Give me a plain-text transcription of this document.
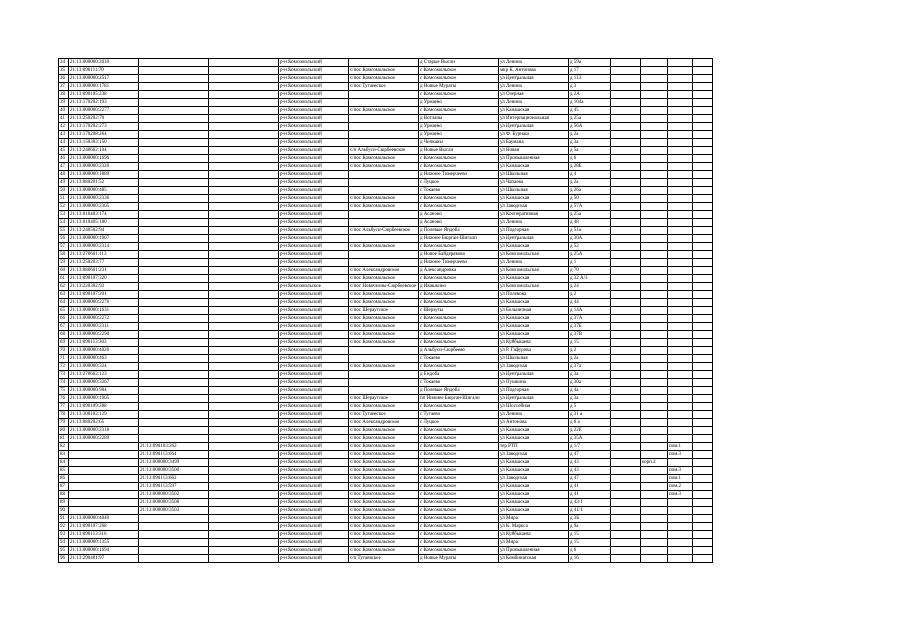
34	21:13:000000:2010			р-н Комсомольский		д Старые Высли	ул Ленина	д 59а				
35	21:13:090111:70			р-н Комсомольский	с/пос Комсомольское	с Комсомольское	мкр К. Антонова	д 17				
36	21:13:000000:2517			р-н Комсомольский	с/пос Комсомольское	с Комсомольское	ул Центральная	д 113				
37	21:13:000000:1781			р-н Комсомольский	с/пос Тугаевское	д Новые Мураты	ул Ленина	д 3				
38	21:13:090105:238			р-н Комсомольский		с Комсомольское	ул Озерная	д 2А				
39	21:13:170202:193			р-н Комсомольский		д Урмаево	ул Ленина	д 104а				
40	21:13:000000:2277			р-н Комсомольский	с/пос Комсомольское	с Комсомольское	ул Канашская	д 45				
41	21:13:250202:70			р-н Комсомольский		д Вотланы	ул Интернациональная	д 25а				
42	21:13:170202:273			р-н Комсомольский		д Урмаево	ул Центральная	д 56А				
43	21:13:170208:264			р-н Комсомольский		д Урмаево	ул Ф. Бурнаш	д 2а				
44	21:13:150303:150			р-н Комсомольский		д Чичкаиы	ул Баумана	д 3а				
45	21:13:240602:104			р-н Комсомольский	с/п Альбуси-Сюрбеевское	д Новые Высли	ул Новая	д 5а				
46	21:13:000000:1696			р-н Комсомольский	с/пос Комсомольское	с Комсомольское	ул Промышленная	д 6				
47	21:13:000000:2320			р-н Комсомольский	с/пос Комсомольское	с Комсомольское	ул Канашская	д 28Б				
48	21:13:000000:1889			р-н Комсомольский		д Нижнее Тимерчеево	ул Школьная	д 4				
49	21:13:080201:52			р-н Комсомольский		с Луцкое	ул Чапаева	д 2а				
50	21:13:000000:485			р-н Комсомольский		с Токаево	ул Школьная	д 26а				
51	21:13:000000:2336			р-н Комсомольский	с/пос Комсомольское	с Комсомольское	ул Канашская	д 50				
52	21:13:000000:2305			р-н Комсомольский	с/пос Комсомольское	с Комсомольское	ул Заводская	д 57А				
53	21:13:010403:174			р-н Комсомольский		д Асаново	ул Кооперативная	д 25а				
54	21:13:010405:180			р-н Комсомольский		д Асаново	ул Ленина	д 48				
55	21:13:240502:94			р-н Комсомольский	с/пос Альбуси-Сюрбеевское	д Полевые Яндоба	ул Подгорная	д 51а				
56	21:13:000000:1907			р-н Комсомольский		д Нижнее Бюрган-Шигали	ул Центральная	д 30А				
57	21:13:000000:2314			р-н Комсомольский	с/пос Комсомольское	с Комсомольское	ул Канашская	д 52				
58	21:13:270601:113			р-н Комсомольский		д Новое Байдеряково	ул Комсомольская	д 25А				
59	21:13:250203:77			р-н Комсомольский		д Нижнее Тимерчеево	ул Ленина	д 1				
60	21:13:080601:231			р-н Комсомольский	с/пос Александровское	д Александровка	ул Комсомольская	д 70				
61	21:13:090107:320			р-н Комсомольский	с/пос Комсомольское	с Комсомольское	ул Канашская	д 32 А/3				
62	21:13:220302:93			р-н Комсомольское	с/пос Новочелны-Сюрбеевское	д Ивашкино	ул Комсомольская	д 24				
63	21:13:090107:201			р-н Комсомольский	с/пос Комсомольское	с Комсомольское	ул Полевова	д 2				
64	21:13:000000:2276			р-н Комсомольский	с/пос Комсомольское	с Комсомольское	ул Канашская	д 44				
65	21:13:000000:1631			р-н Комсомольский	с/пос Шераутское	с Шерауты	ул Больничная	д 14А				
66	21:13:000000:2272			р-н Комсомольский	с/пос Комсомольское	с Комсомольское	ул Канашская	д 37А				
67	21:13:000000:2311			р-н Комсомольский	с/пос Комсомольское	с Комсомольское	ул Канашская	д 37Б				
68	21:13:000000:2290			р-н Комсомольский	с/пос Комсомольское	с Комсомольское	ул Канашская	д 37В				
69	21:13:090113:303			р-н Комсомольский	с/пос Комсомольское	с Комсомольское	ул Куйбышева	д 15				
70	21:13:000000:4026			р-н Комсомольский		д Альбуси-Сюрбеево	ул Р. Гафурова	д 2				
71	21:13:000000:463			р-н Комсомольский		с Токаево	ул Школьная	д 2а				
72	21:13:000000:324			р-н Комсомольский	с/пос Комсомольское	с Комсомольское	ул Заводская	д 37а				
73	21:13:270602:123			р-н Комсомольский		д Ендоба	ул Центральная	д 3а				
74	21:13:000000:3267			р-н Комсомольский		с Токаево	ул Пушкина	д 30а				
75	21:13:000000:984			р-н Комсомольский		д Полевые Яндоба	ул Подгорная	д 4а				
76	21:13:000000:1905			р-н Комсомольский	с/пос Шераутское	пп Нижнее Бюрган-Шигали	ул Центральная	д 3а				
77	21:13:090109:288			р-н Комсомольский	с/пос Комсомольское	с Комсомольское	ул Шоссейная	д 5				
78	21:13:300102:129			р-н Комсомольский	с/пос Тугаевское	с Тугаево	ул Ленина	д 31 а				
79	21:13:080202:65			р-н Комсомольский	с/пос Александровское	с Луцкое	ул Антонова	д 8 а				
80	21:13:000000:2318			р-н Комсомольский	с/пос Комсомольское	с Комсомольское	ул Канашская	д 22Е				
81	21:13:000000:2289			р-н Комсомольский	с/пос Комсомольское	с Комсомольское	ул Канашская	д 35А				
82		21:13:090103:262		р-н Комсомольский	с/пос Комсомольское	с Комсомольское	тер РТП	д 1/7			пом.1	
83		21:13:090113:664		р-н Комсомольский	с/пос Комсомольское	с Комсомольское	ул Заводская	д 47			пом.3	
84		21:13:000000:3499		р-н Комсомольский	с/пос Комсомольское	с Комсомольское	ул Канашская	д 43		корп.2		
85		21:13:000000:3500		р-н Комсомольский	с/пос Комсомольское	с Комсомольское	ул Канашская	д 43			пом.3	
86		21:13:090113:662		р-н Комсомольский	с/пос Комсомольское	с Комсомольское	ул Заводская	д 47			пом.1	
87		21:13:090113:597		р-н Комсомольский	с/пос Комсомольское	с Комсомольское	ул Канашская	д 41			пом.2	
88		21:13:000000:3502		р-н Комсомольский	с/пос Комсомольское	с Комсомольское	ул Канашская	д 41			пом.3	
89		21:13:000000:3508		р-н Комсомольский	с/пос Комсомольское	с Комсомольское	ул Канашская	д 43/1				
90		21:13:000000:3503		р-н Комсомольский	с/пос Комсомольское	с Комсомольское	ул Канашская	д 41/1				
91	21:13:000000:4040			р-н Комсомольский	с/пос Комсомольское	с Комсомольское	ул Мира	д 3Б				
92	21:13:090107:268			р-н Комсомольский	с/пос Комсомольское	с Комсомольское	ул К. Маркса	д 9а				
93	21:13:090113:316			р-н Комсомольский	с/пос Комсомольское	с Комсомольское	ул Куйбышева	д 15				
94	21:13:000000:1355			р-н Комсомольский	с/пос Комсомольское	с Комсомольское	ул Мира	д 15				
95	21:13:000000:1694			р-н Комсомольский	с/пос Комсомольское	с Комсомольское	ул Промышленная	д 6				
96	21:13:290401:97			р-н Комсомольский	с/п Тугаевское	д Новые Мураты	ул Комбинатская	д 16				
